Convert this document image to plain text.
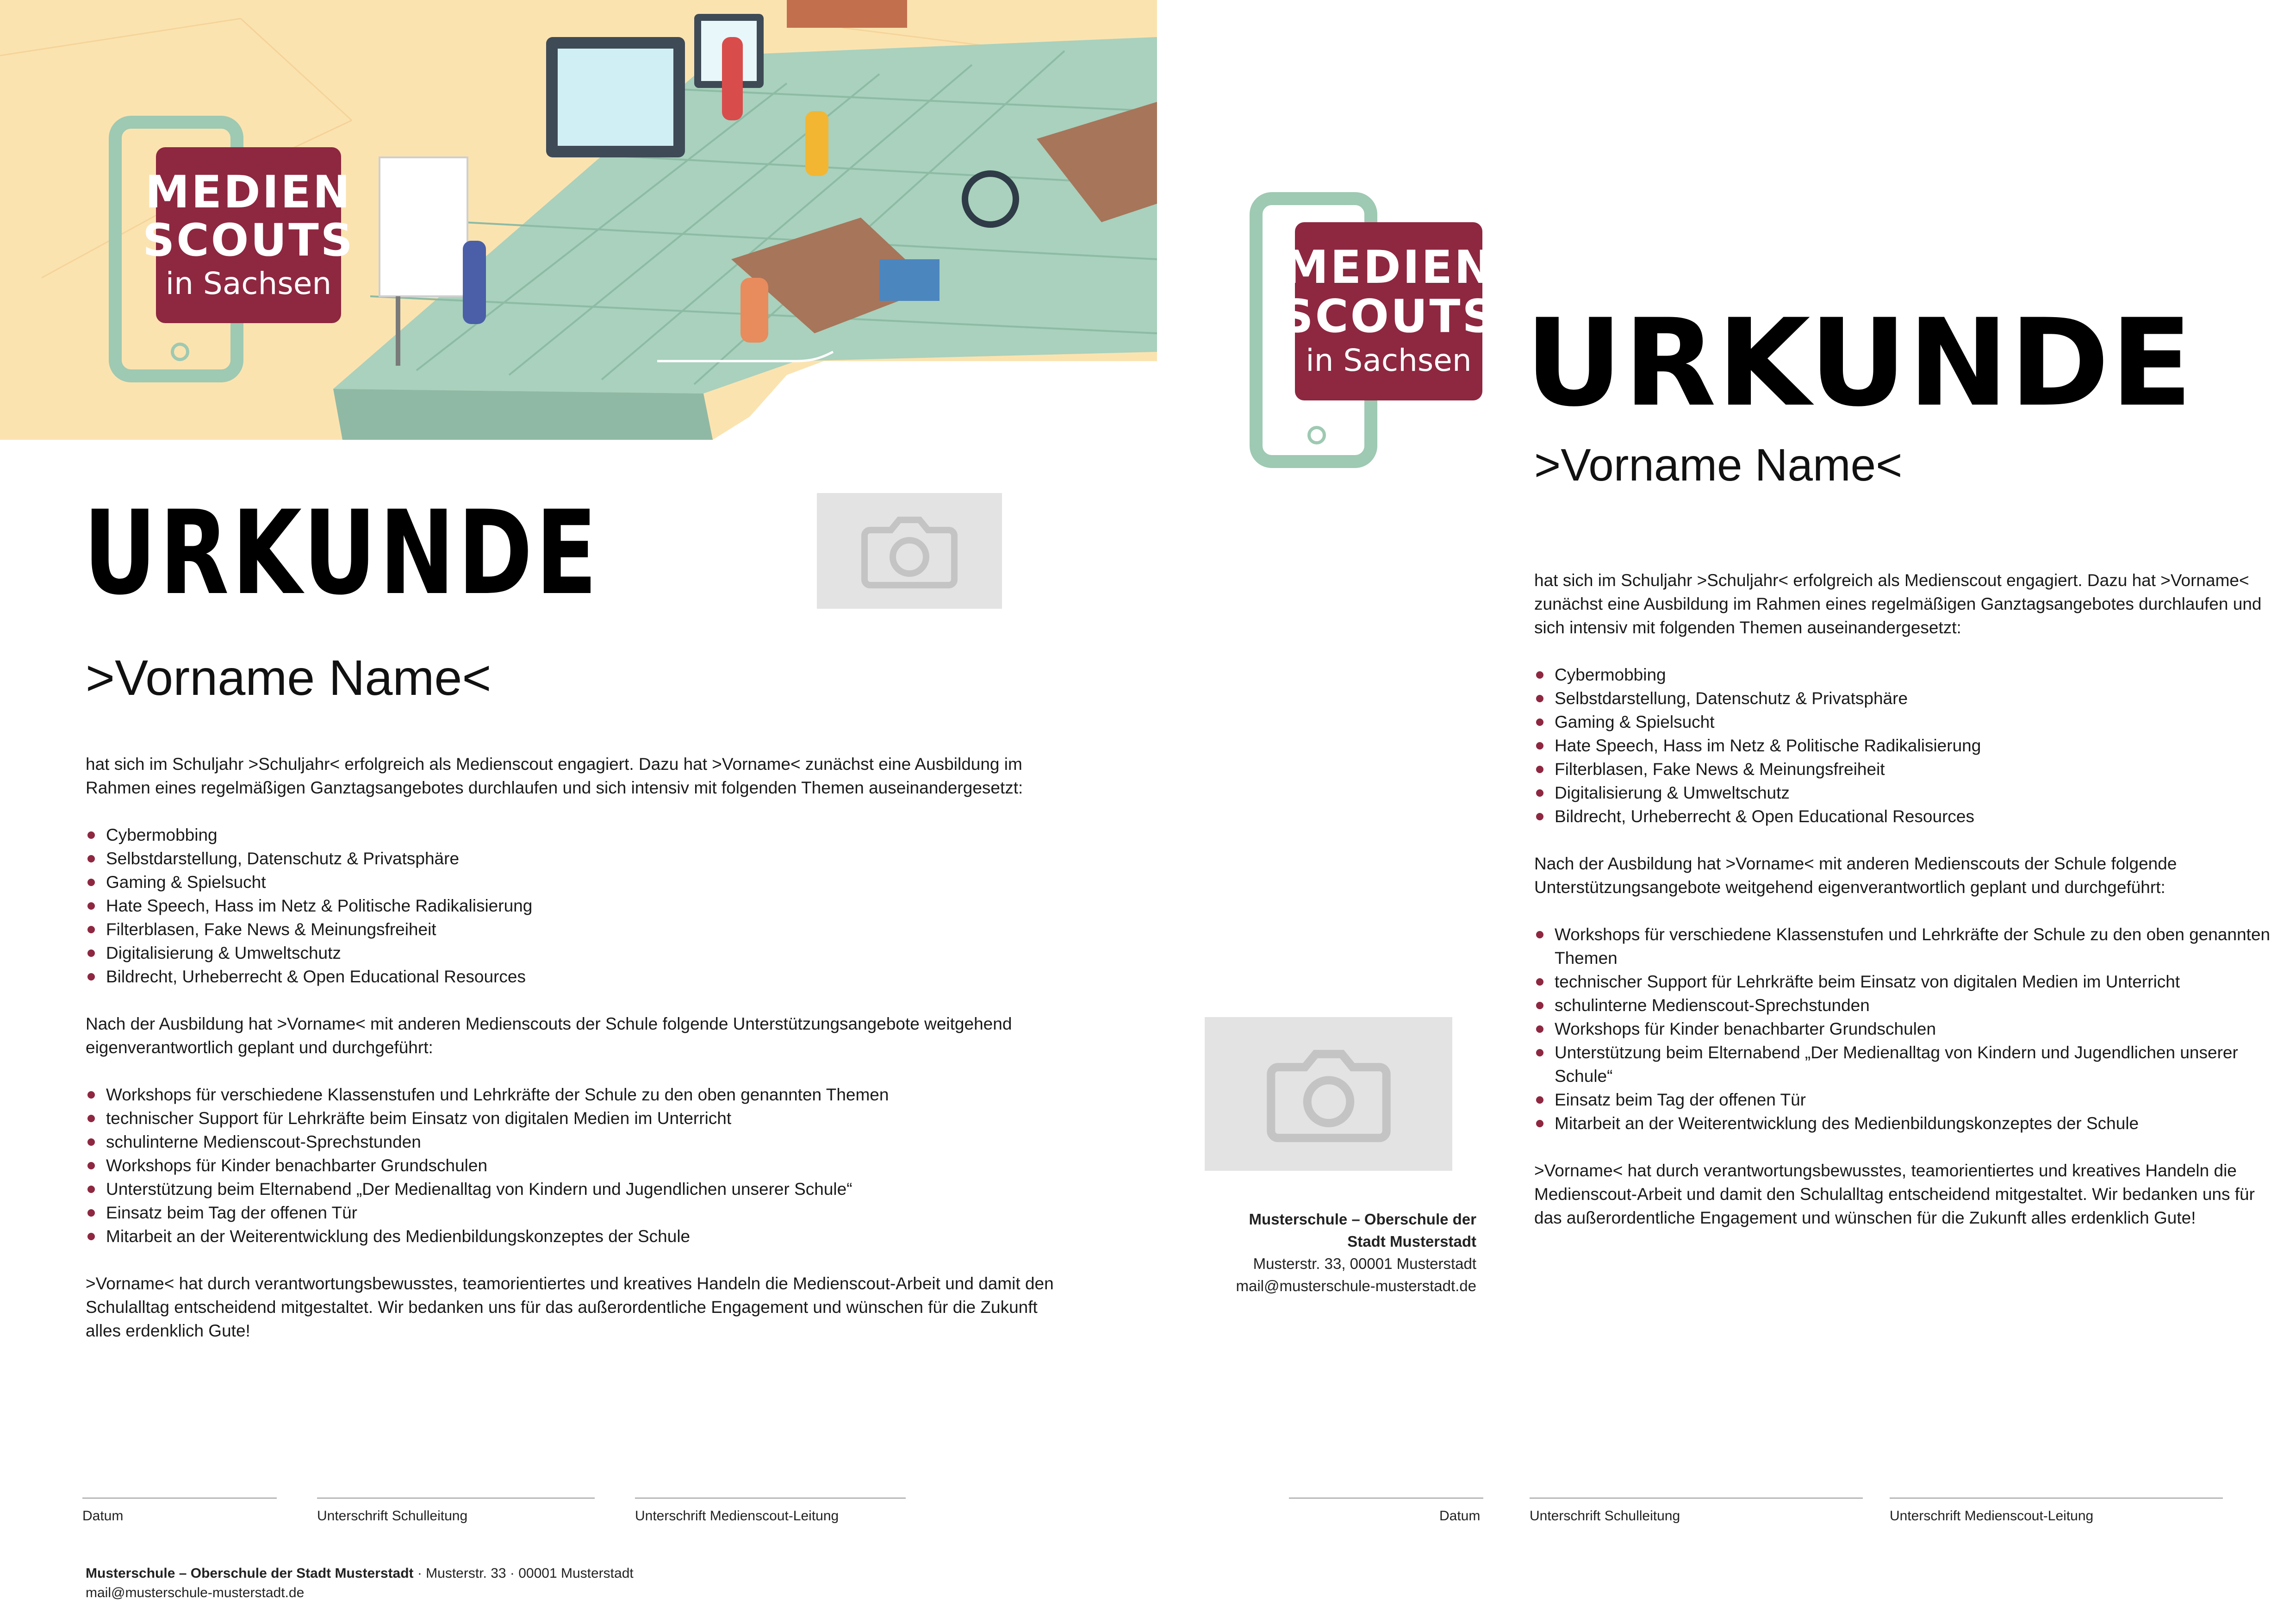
MEDIEN
SCOUTS
in Sachsen
URKUNDE
>Vorname Name<

hat sich im Schuljahr >Schuljahr< erfolgreich als Medienscout engagiert. Dazu hat >Vorname< zunächst eine Ausbildung im Rahmen eines regelmäßigen Ganztagsangebotes durchlaufen und sich intensiv mit folgenden Themen auseinandergesetzt:

Cybermobbing
Selbstdarstellung, Datenschutz & Privatsphäre
Gaming & Spielsucht
Hate Speech, Hass im Netz & Politische Radikalisierung
Filterblasen, Fake News & Meinungsfreiheit
Digitalisierung & Umweltschutz
Bildrecht, Urheberrecht & Open Educational Resources

Nach der Ausbildung hat >Vorname< mit anderen Medienscouts der Schule folgende Unterstützungsangebote weitgehend eigenverantwortlich geplant und durchgeführt:

Workshops für verschiedene Klassenstufen und Lehrkräfte der Schule zu den oben genannten Themen
technischer Support für Lehrkräfte beim Einsatz von digitalen Medien im Unterricht
schulinterne Medienscout-Sprechstunden
Workshops für Kinder benachbarter Grundschulen
Unterstützung beim Elternabend „Der Medienalltag von Kindern und Jugendlichen unserer Schule“
Einsatz beim Tag der offenen Tür
Mitarbeit an der Weiterentwicklung des Medienbildungskonzeptes der Schule

>Vorname< hat durch verantwortungsbewusstes, teamorientiertes und kreatives Handeln die Medienscout-Arbeit und damit den Schulalltag entscheidend mitgestaltet. Wir bedanken uns für das außerordentliche Engagement und wünschen für die Zukunft alles erdenklich Gute!

Datum	Unterschrift Schulleitung	Unterschrift Medienscout-Leitung
Musterschule – Oberschule der Stadt Musterstadt · Musterstr. 33 · 00001 Musterstadt
mail@musterschule-musterstadt.de
MEDIEN
SCOUTS
in Sachsen URKUNDE
>Vorname Name<

hat sich im Schuljahr >Schuljahr< erfolgreich als Medienscout engagiert. Dazu hat >Vorname< zunächst eine Ausbildung im Rahmen eines regelmäßigen Ganztagsangebotes durchlaufen und sich intensiv mit folgenden Themen auseinandergesetzt:

Cybermobbing
Selbstdarstellung, Datenschutz & Privatsphäre
Gaming & Spielsucht
Hate Speech, Hass im Netz & Politische Radikalisierung
Filterblasen, Fake News & Meinungsfreiheit
Digitalisierung & Umweltschutz
Bildrecht, Urheberrecht & Open Educational Resources

Nach der Ausbildung hat >Vorname< mit anderen Medienscouts der Schule folgende Unterstützungsangebote weitgehend eigenverantwortlich geplant und durchgeführt:

Workshops für verschiedene Klassenstufen und Lehrkräfte der Schule zu den oben genannten Themen
technischer Support für Lehrkräfte beim Einsatz von digitalen Medien im Unterricht
schulinterne Medienscout-Sprechstunden
Workshops für Kinder benachbarter Grundschulen
Unterstützung beim Elternabend „Der Medienalltag von Kindern und Jugendlichen unserer Schule“
Einsatz beim Tag der offenen Tür
Mitarbeit an der Weiterentwicklung des Medienbildungskonzeptes der Schule

>Vorname< hat durch verantwortungsbewusstes, teamorientiertes und kreatives Handeln die Medienscout-Arbeit und damit den Schulalltag entscheidend mitgestaltet. Wir bedanken uns für das außerordentliche Engagement und wünschen für die Zukunft alles erdenklich Gute!

Musterschule – Oberschule der
Stadt Musterstadt
Musterstr. 33, 00001 Musterstadt
mail@musterschule-musterstadt.de
Datum	Unterschrift Schulleitung	Unterschrift Medienscout-Leitung
